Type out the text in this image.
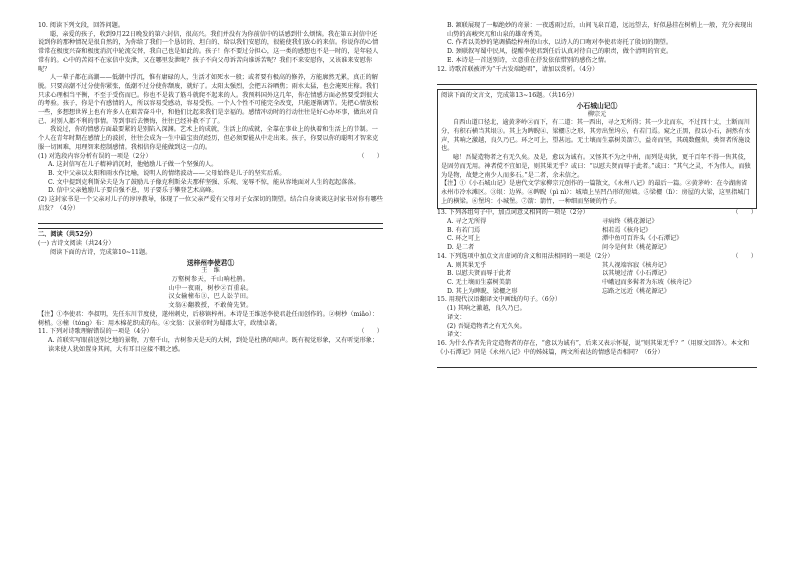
10. 阅读下列文段，回答问题。

聪，亲爱的孩子，收到9月22日晚发的第六封信，很高兴。我们并没有为你前信中的话感到什么烦恼。我在第五封信中还说到你的那种情况是很自然的，为你给了我们一个恳切的、坦白的、给以我们安慰的，很能使我们放心的来信。你说你的心情常常在极度兴奋和极度消沉中轮流交替，我自己也是如此的。孩子！你不要过分担心，这一类的感想也不是一时的，是年轻人常有的。心中的苦闷不在家信中发泄，又在哪里发泄呢？孩子不向父母诉苦向谁诉苦呢？我们不来安慰你，又该谁来安慰你呢？

人一辈子都在高潮——低潮中浮沉，惟有庸碌的人，生活才如死水一般；或者要有极高的修养，方能廓然无累，真正的解脱。只要高潮不过分使你紧张，低潮不过分使你颓废，就好了。太阳太强烈，会把五谷晒焦；雨水太猛，也会淹死庄稼。我们只求心理相当平衡，不至于受伤而已。你也不是栽了筋斗就爬不起来的人。我预料国外这几年，你在情感方面必然要受到很大的考验。孩子，你是个有感情的人，所以容易受感动，容易受伤。一个人个性不可能完全改变，只能逐渐调节。先把心情放松一些，多想想世界上也有许多人在艰苦奋斗中，和他们比起来我们是幸福的。感情冲动时的行动往往是好心办坏事，做出对自己、对别人都不利的事情。等到事后去懊悔，往往已经补救不了了。

我说过，你的情感方面最要紧的是别陷入深渊。艺术上的成就，生活上的成就，全靠在事业上的执着和生活上的节制。一个人在青年时期在感情上的波折，往往会成为一生中最宝贵的经历，但必须要能从中走出来。孩子，你要以你的聪明才智来克服一切困难，用理智来控制感情。我相信你是能做到这一点的。

(1) 对选段内容分析有误的一项是（2分）	（　　）

A. 这封信写在儿子精神消沉时，他勉励儿子做一个坚强的人。

B. 文中父亲以太阳和雨水作比喻，说明人的情绪波动——父母始终是儿子的坚实后盾。

C. 文中提到克利斯朵夫是为了鼓励儿子像克利斯朵夫那样坚强、乐观、宠辱不惊，能从容地面对人生的起起落落。

D. 信中父亲勉励儿子要自强不息，男子要乐于攀登艺术高峰。

(2) 这封家书是一个父亲对儿子的谆谆教导，体现了一位父亲严爱有父母对子女深切的期望。结合自身谈谈这封家书对你有哪些启发？（4分）

二、阅读（共52分）

(一) 古诗文阅读（共24分）

阅读下面的古诗，完成第10~11题。

送梓州李使君①

王　维

万壑树参天，千山响杜鹃。

山中一夜雨，树杪②百重泉。

汉女输橦布③，巴人讼芋田。

文翁④翻教授，不敢倚先贤。

【注】①李使君：李叔明，先任东川节度使，遂州刺史，后移镇梓州。本诗是王维送李使君赴任而创作的。②树杪（miǎo）：树梢。③橦（tóng）布：用木棉花织成的布。④文翁：汉景帝时为蜀郡太守，政绩卓著。

11. 下列对诗歌理解错误的一项是（4分）	（　　）

A. 首联实写眼前送别之地的景物，万壑千山，古树参天是天的大树，到处是杜鹃的啼声。既有视觉形象，又有听觉形象；读来使人犹如置身其间，大有耳目应接不暇之感。

B. 颔联展现了一幅绝妙的奇景：一夜透雨过后，山间飞泉百道，远远望去，好似悬挂在树梢上一般，充分表现出山势的高峻突兀和山泉的雄奇秀美。

C. 作者以美妙的笔调描绘梓州的山水，以诗人的口吻对李使君寄托了殷切的期望。

D. 颈联叙写蜀中民风，提醒李使君到任后认真对待自己的职责，做个清明的官吏。

E. 本诗是一首送别诗，立意重在抒发依依惜别的感伤之情。

12. 诗歌首联被评为“千古发端绝唱”，请加以赏析。（4分）

阅读下面的文言文，完成第13~16题。（共16分）

小石城山记①

柳宗元

自西山道口径北，逾黄茅岭②而下，有二道：其一西出，寻之无所得；其一少北而东，不过四十丈，土断而川分，有积石横当其垠③。其上为睥睨④、梁欐⑤之形，其旁出堡坞⑥，有若门焉。窥之正黑，投以小石，洞然有水声，其响之激越，良久乃已。环之可上，望甚远。无土壤而生嘉树美箭⑦，益奇而坚，其疏数偃仰，类智者所施设也。

噫！吾疑造物者之有无久矣。及是，愈以为诚有。又怪其不为之中州，而列是夷狄，更千百年不得一售其伎，是固劳而无用。神者傥不宜如是，则其果无乎？或曰：“以慰夫贤而辱于此者。”或曰：“其气之灵，不为伟人，而独为是物，故楚之南少人而多石。”是二者，余未信之。

【注】①《小石城山记》是唐代文学家柳宗元创作的一篇散文，《永州八记》的最后一篇。②黄茅岭：在今湖南省永州市冷水滩区。③垠：边界。④睥睨（pì nì）：城墙上呈凹凸形的短墙。⑤梁欐（lì）：房屋的大梁，这里指城门上的横梁。⑥堡坞：小城堡。⑦箭：箭竹，一种细而坚硬的竹子。

13. 下列各组句子中，加点词意义相同的一项是（2分）	（　　）

A. 寻之无所得	寻病终《桃花源记》
B. 有若门焉	相若焉《核舟记》
C. 环之可上	潭中鱼可百许头《小石潭记》
D. 是二者	问今是何世《桃花源记》

14. 下列选项中加点文言虚词的含义和用法相同的一项是（2分）	（　　）

A. 则其果无乎	其人视端容寂《核舟记》
B. 以慰夫贤而辱于此者	以其境过清《小石潭记》
C. 无土壤而生嘉树美箭	中峨冠而多髯者为东坡《核舟记》
D. 其上为睥睨、梁欐之形	忘路之远近《桃花源记》

15. 用现代汉语翻译文中画线的句子。（6分）

(1) 其响之激越，良久乃已。

译文：

(2) 吾疑造物者之有无久矣。

译文：

16. 为什么作者先肯定造物者的存在，“愈以为诚有”，后来又表示怀疑，说“则其果无乎？”（用原文回答）。本文和《小石潭记》同是《永州八记》中的姊妹篇，两文所表达的情感是否相同？（6分）
